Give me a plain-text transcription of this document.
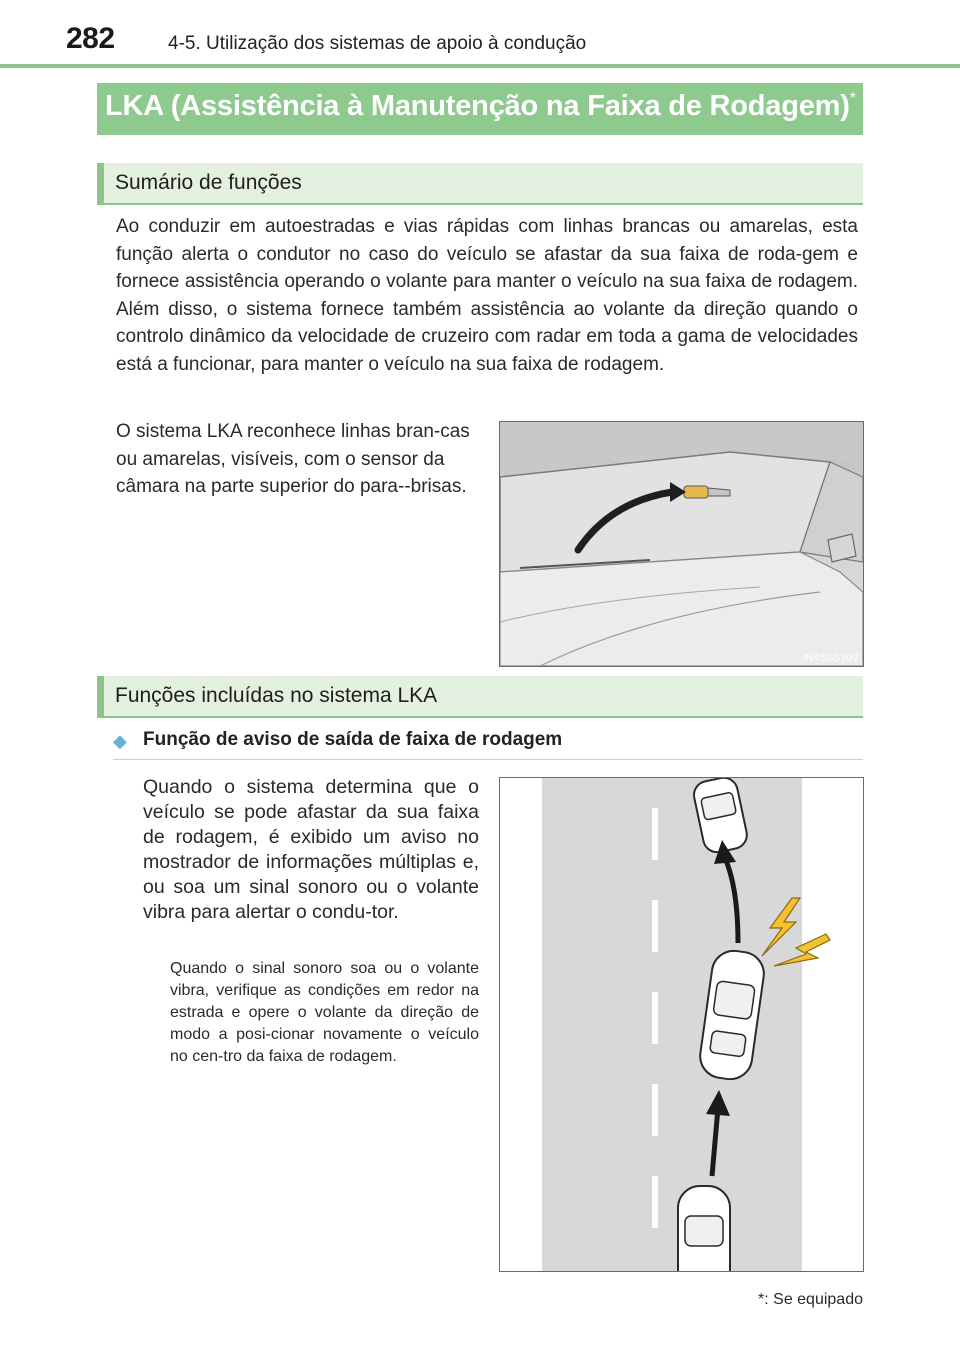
282	4-5. Utilização dos sistemas de apoio à condução
LKA (Assistência à Manutenção na Faixa de Rodagem)*
Sumário de funções
Ao conduzir em autoestradas e vias rápidas com linhas brancas ou amarelas, esta função alerta o condutor no caso do veículo se afastar da sua faixa de roda-gem e fornece assistência operando o volante para manter o veículo na sua faixa de rodagem. Além disso, o sistema fornece também assistência ao volante da direção quando o controlo dinâmico da velocidade de cruzeiro com radar em toda a gama de velocidades está a funcionar, para manter o veículo na sua faixa de rodagem.
O sistema LKA reconhece linhas bran-cas ou amarelas, visíveis, com o sensor da câmara na parte superior do para--brisas.
IN45GS307
Funções incluídas no sistema LKA
◆ Função de aviso de saída de faixa de rodagem
Quando o sistema determina que o veículo se pode afastar da sua faixa de rodagem, é exibido um aviso no mostrador de informações múltiplas e, ou soa um sinal sonoro ou o volante vibra para alertar o condu-tor.
Quando o sinal sonoro soa ou o volante vibra, verifique as condições em redor na estrada e opere o volante da direção de modo a posi-cionar novamente o veículo no cen-tro da faixa de rodagem.
IN45GS412
*: Se equipado
